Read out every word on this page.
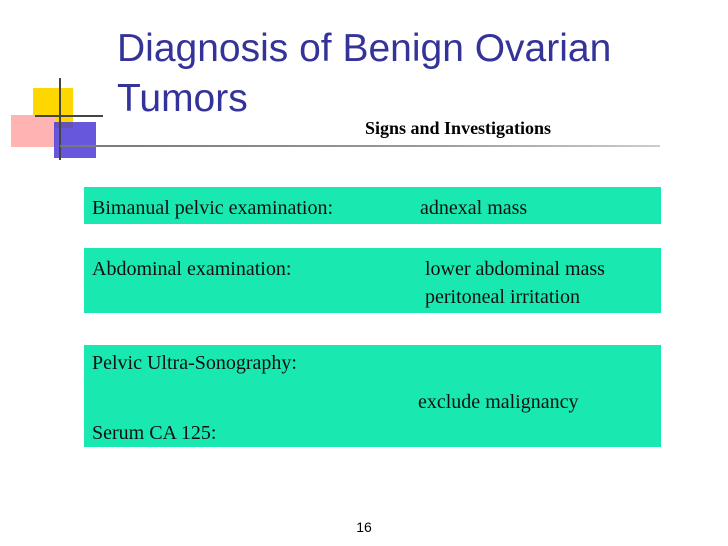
Diagnosis of Benign Ovarian Tumors
Signs and Investigations
Bimanual pelvic examination:	adnexal mass
Abdominal examination:	lower abdominal mass
peritoneal irritation
Pelvic Ultra-Sonography:
exclude malignancy
Serum CA 125:
16
